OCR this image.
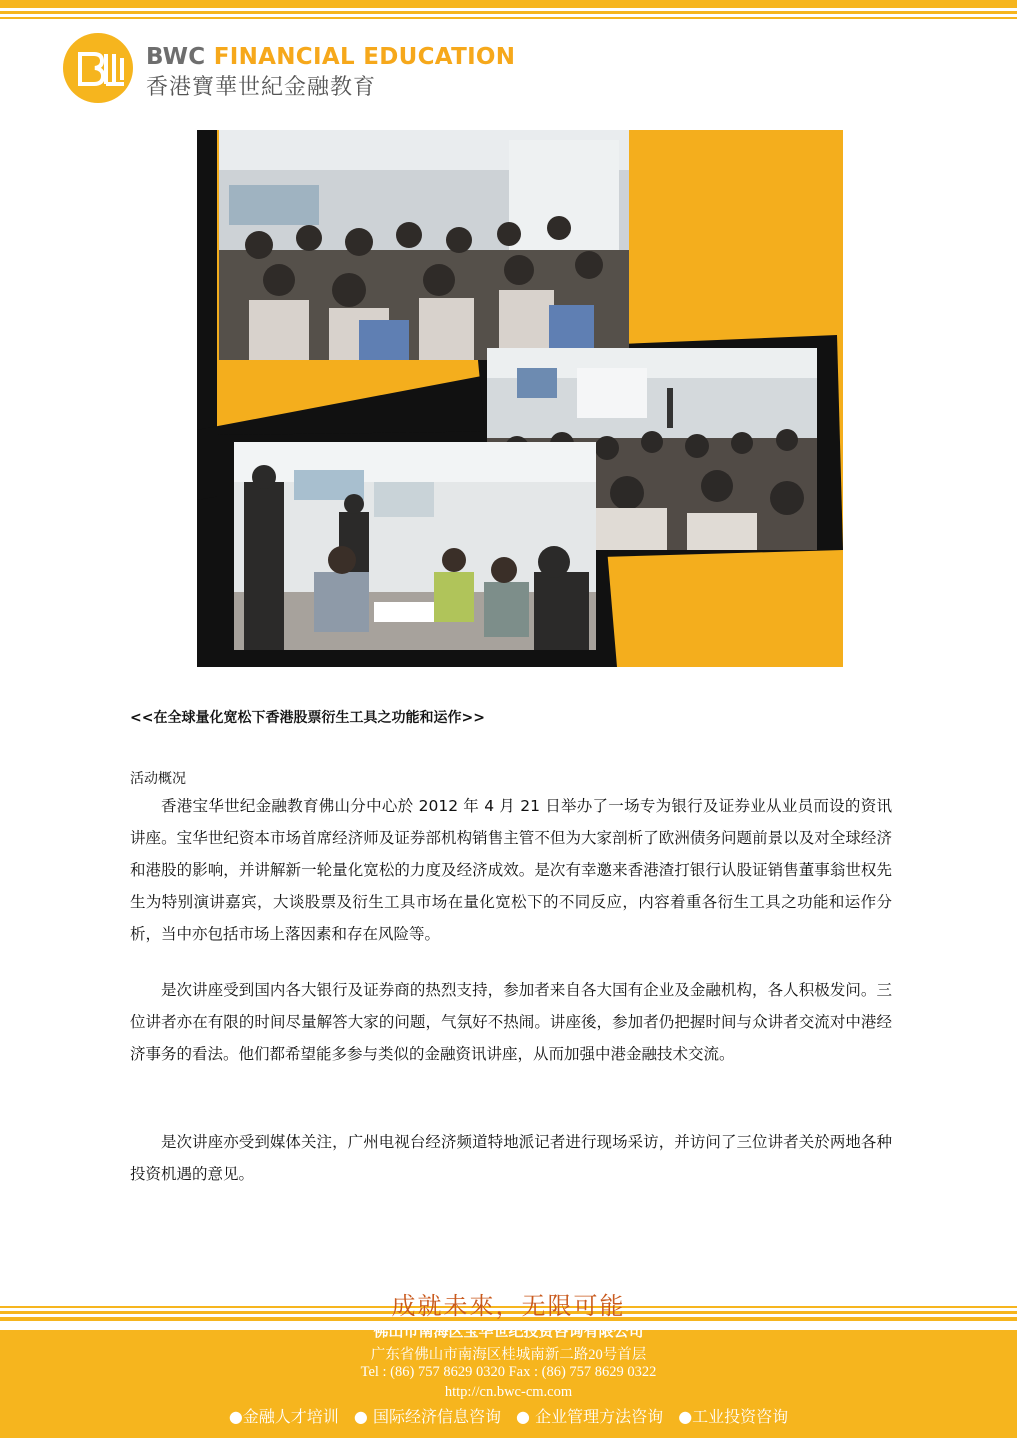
BWC FINANCIAL EDUCATION
香港寶華世紀金融教育
<<在全球量化宽松下香港股票衍生工具之功能和运作>>
活动概况

香港宝华世纪金融教育佛山分中心於 2012 年 4 月 21 日举办了一场专为银行及证券业从业员而设的资讯讲座。宝华世纪资本市场首席经济师及证券部机构销售主管不但为大家剖析了欧洲债务问题前景以及对全球经济和港股的影响，并讲解新一轮量化宽松的力度及经济成效。是次有幸邀来香港渣打银行认股证销售董事翁世权先生为特别演讲嘉宾，大谈股票及衍生工具市场在量化宽松下的不同反应，内容着重各衍生工具之功能和运作分析，当中亦包括市场上落因素和存在风险等。

是次讲座受到国内各大银行及证券商的热烈支持，参加者来自各大国有企业及金融机构，各人积极发问。三位讲者亦在有限的时间尽量解答大家的问题，气氛好不热闹。讲座後，参加者仍把握时间与众讲者交流对中港经济事务的看法。他们都希望能多参与类似的金融资讯讲座，从而加强中港金融技术交流。

是次讲座亦受到媒体关注，广州电视台经济频道特地派记者进行现场采访，并访问了三位讲者关於两地各种投资机遇的意见。

成就未來，无限可能
佛山市南海区宝华世纪投资咨询有限公司
广东省佛山市南海区桂城南新二路20号首层
Tel : (86) 757 8629 0320 Fax : (86) 757 8629 0322
http://cn.bwc-cm.com
●金融人才培训 ● 国际经济信息咨询 ● 企业管理方法咨询 ●工业投资咨询
